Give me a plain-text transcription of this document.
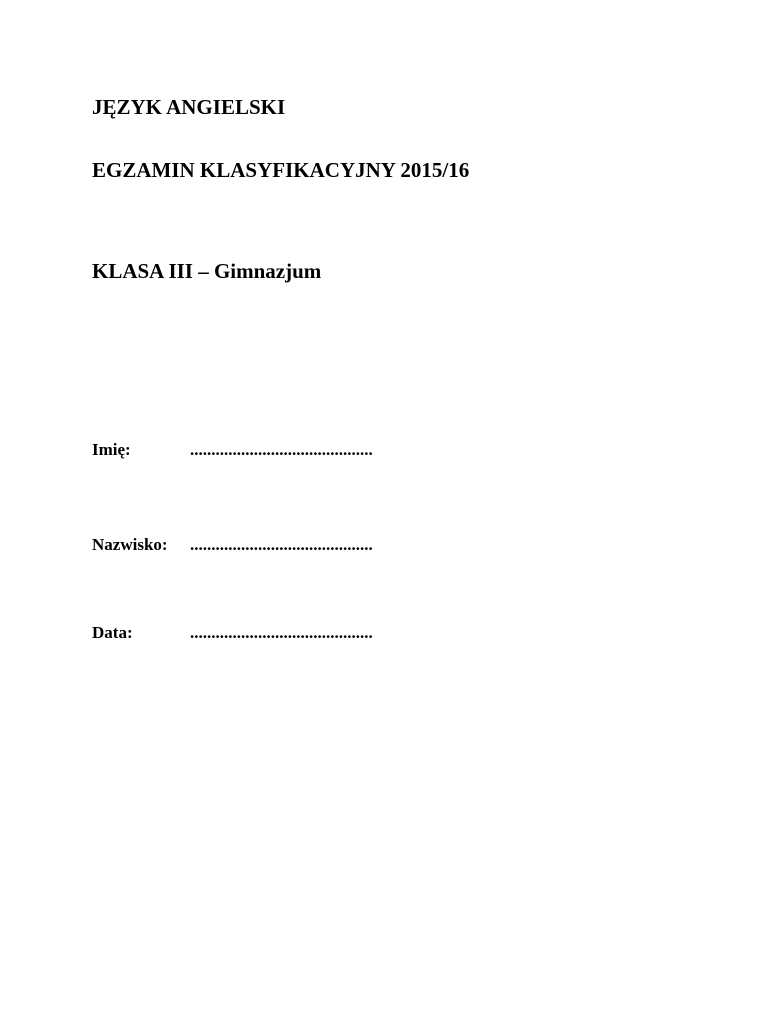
JĘZYK ANGIELSKI
EGZAMIN KLASYFIKACYJNY 2015/16
KLASA III – Gimnazjum
Imię:	...........................................
Nazwisko: ...........................................
Data:	...........................................
